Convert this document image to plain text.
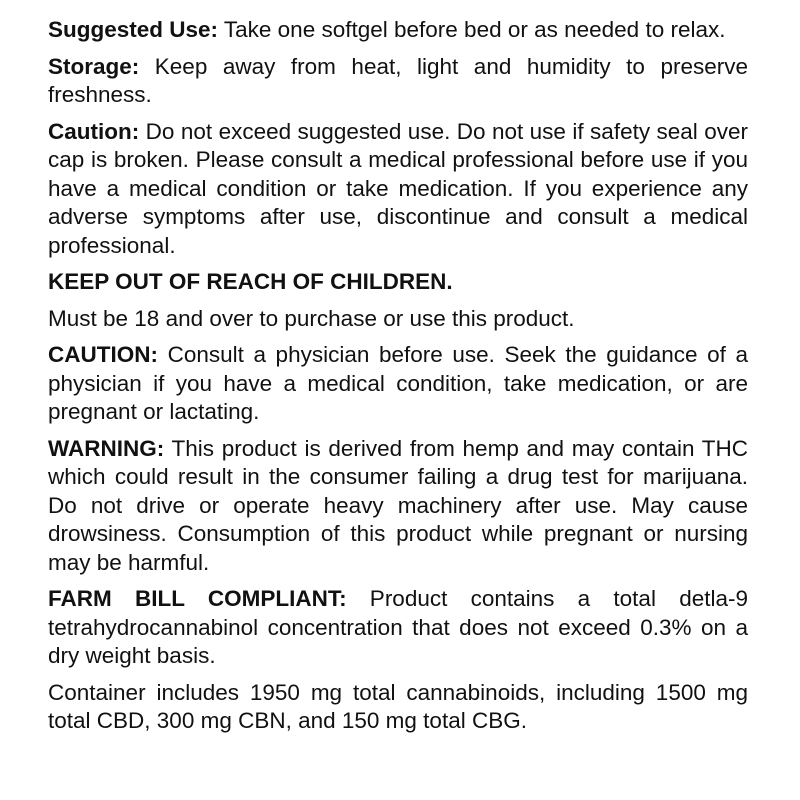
Suggested Use: Take one softgel before bed or as needed to relax.

Storage: Keep away from heat, light and humidity to preserve freshness.

Caution: Do not exceed suggested use. Do not use if safety seal over cap is broken. Please consult a medical professional before use if you have a medical condition or take medication. If you experience any adverse symptoms after use, discontinue and consult a medical professional.

KEEP OUT OF REACH OF CHILDREN.

Must be 18 and over to purchase or use this product.

CAUTION: Consult a physician before use. Seek the guidance of a physician if you have a medical condition, take medication, or are pregnant or lactating.

WARNING: This product is derived from hemp and may contain THC which could result in the consumer failing a drug test for marijuana. Do not drive or operate heavy machinery after use. May cause drowsiness. Consumption of this product while pregnant or nursing may be harmful.

FARM BILL COMPLIANT: Product contains a total detla-9 tetrahydrocannabinol concentration that does not exceed 0.3% on a dry weight basis.

Container includes 1950 mg total cannabinoids, including 1500 mg total CBD, 300 mg CBN, and 150 mg total CBG.
